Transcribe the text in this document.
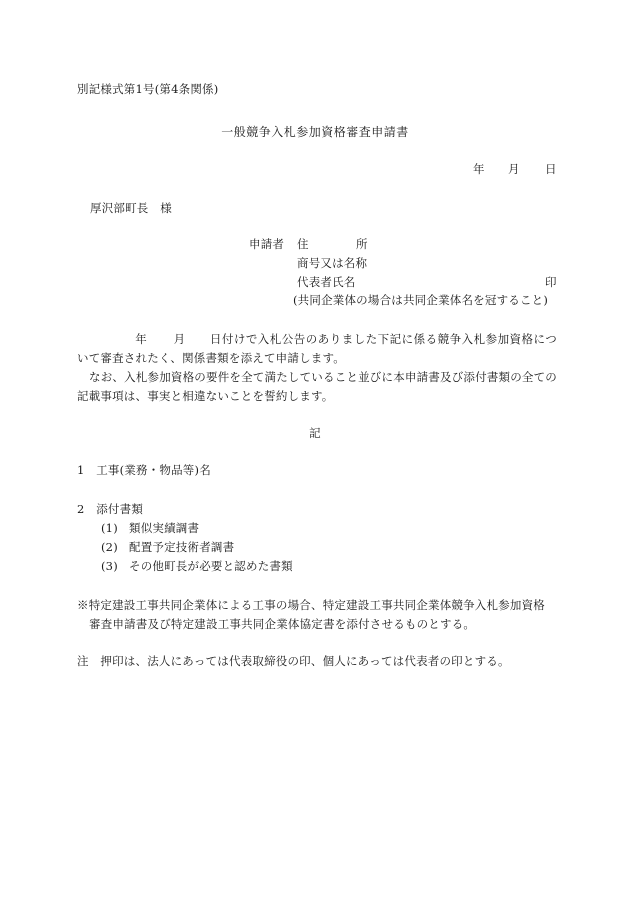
別記様式第1号(第4条関係)
一般競争入札参加資格審査申請書
年 月 日
厚沢部町長　様
申請者 住	所
商号又は名称
代表者氏名	印
(共同企業体の場合は共同企業体名を冠すること)
年 月 日付けで入札公告のありました下記に係る競争入札参加資格について審査されたく、関係書類を添えて申請します。
なお、入札参加資格の要件を全て満たしていること並びに本申請書及び添付書類の全ての記載事項は、事実と相違ないことを誓約します。
記
1　工事(業務・物品等)名
2　添付書類
(1) 類似実績調書
(2) 配置予定技術者調書
(3) その他町長が必要と認めた書類
※特定建設工事共同企業体による工事の場合、特定建設工事共同企業体競争入札参加資格
審査申請書及び特定建設工事共同企業体協定書を添付させるものとする。
注　押印は、法人にあっては代表取締役の印、個人にあっては代表者の印とする。
